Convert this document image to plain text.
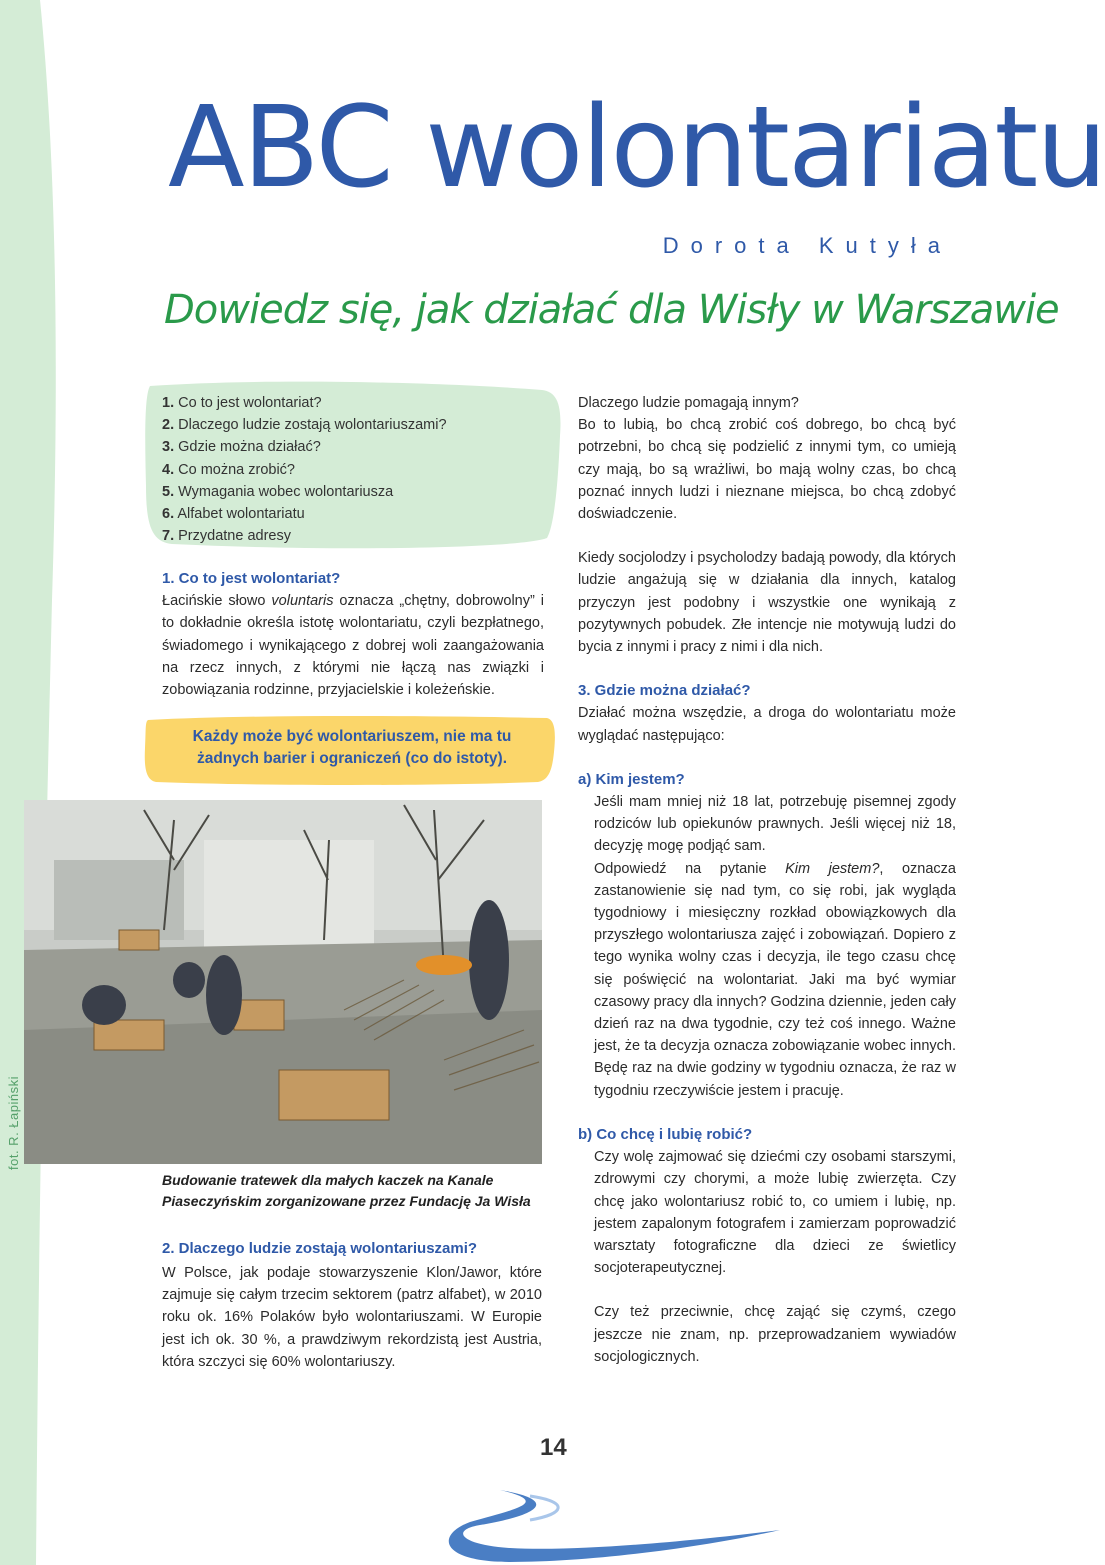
fot. R. Łapiński
ABC wolontariatu
Dorota Kutyła
Dowiedz się, jak działać dla Wisły w Warszawie
1. Co to jest wolontariat?
2. Dlaczego ludzie zostają wolontariuszami?
3. Gdzie można działać?
4. Co można zrobić?
5. Wymagania wobec wolontariusza
6. Alfabet wolontariatu
7. Przydatne adresy
1. Co to jest wolontariat?
Łacińskie słowo voluntaris oznacza „chętny, dobrowolny” i to dokładnie określa istotę wolontariatu, czyli bezpłatnego, świadomego i wynikającego z dobrej woli zaangażowania na rzecz innych, z którymi nie łączą nas związki i zobowiązania rodzinne, przyjacielskie i koleżeńskie.
Każdy może być wolontariuszem, nie ma tu żadnych barier i ograniczeń (co do istoty).
Budowanie tratewek dla małych kaczek na Kanale Piaseczyńskim zorganizowane przez Fundację Ja Wisła
2. Dlaczego ludzie zostają wolontariuszami?
W Polsce, jak podaje stowarzyszenie Klon/Jawor, które zajmuje się całym trzecim sektorem (patrz alfabet), w 2010 roku ok. 16% Polaków było wolontariuszami. W Europie jest ich ok. 30 %, a prawdziwym rekordzistą jest Austria, która szczyci się 60% wolontariuszy.
Dlaczego ludzie pomagają innym?
Bo to lubią, bo chcą zrobić coś dobrego, bo chcą być potrzebni, bo chcą się podzielić z innymi tym, co umieją czy mają, bo są wrażliwi, bo mają wolny czas, bo chcą poznać innych ludzi i nieznane miejsca, bo chcą zdobyć doświadczenie.
Kiedy socjolodzy i psycholodzy badają powody, dla których ludzie angażują się w działania dla innych, katalog przyczyn jest podobny i wszystkie one wynikają z pozytywnych pobudek. Złe intencje nie motywują ludzi do bycia z innymi i pracy z nimi i dla nich.
3. Gdzie można działać?
Działać można wszędzie, a droga do wolontariatu może wyglądać następująco:
a) Kim jestem?
Jeśli mam mniej niż 18 lat, potrzebuję pisemnej zgody rodziców lub opiekunów prawnych. Jeśli więcej niż 18, decyzję mogę podjąć sam.
Odpowiedź na pytanie Kim jestem?, oznacza zastanowienie się nad tym, co się robi, jak wygląda tygodniowy i miesięczny rozkład obowiązkowych dla przyszłego wolontariusza zajęć i zobowiązań. Dopiero z tego wynika wolny czas i decyzja, ile tego czasu chcę się poświęcić na wolontariat. Jaki ma być wymiar czasowy pracy dla innych? Godzina dziennie, jeden cały dzień raz na dwa tygodnie, czy też coś innego. Ważne jest, że ta decyzja oznacza zobowiązanie wobec innych. Będę raz na dwie godziny w tygodniu oznacza, że raz w tygodniu rzeczywiście jestem i pracuję.
b) Co chcę i lubię robić?
Czy wolę zajmować się dziećmi czy osobami starszymi, zdrowymi czy chorymi, a może lubię zwierzęta. Czy chcę jako wolontariusz robić to, co umiem i lubię, np. jestem zapalonym fotografem i zamierzam poprowadzić warsztaty fotograficzne dla dzieci ze świetlicy socjoterapeutycznej.
Czy też przeciwnie, chcę zająć się czymś, czego jeszcze nie znam, np. przeprowadzaniem wywiadów socjologicznych.
14
